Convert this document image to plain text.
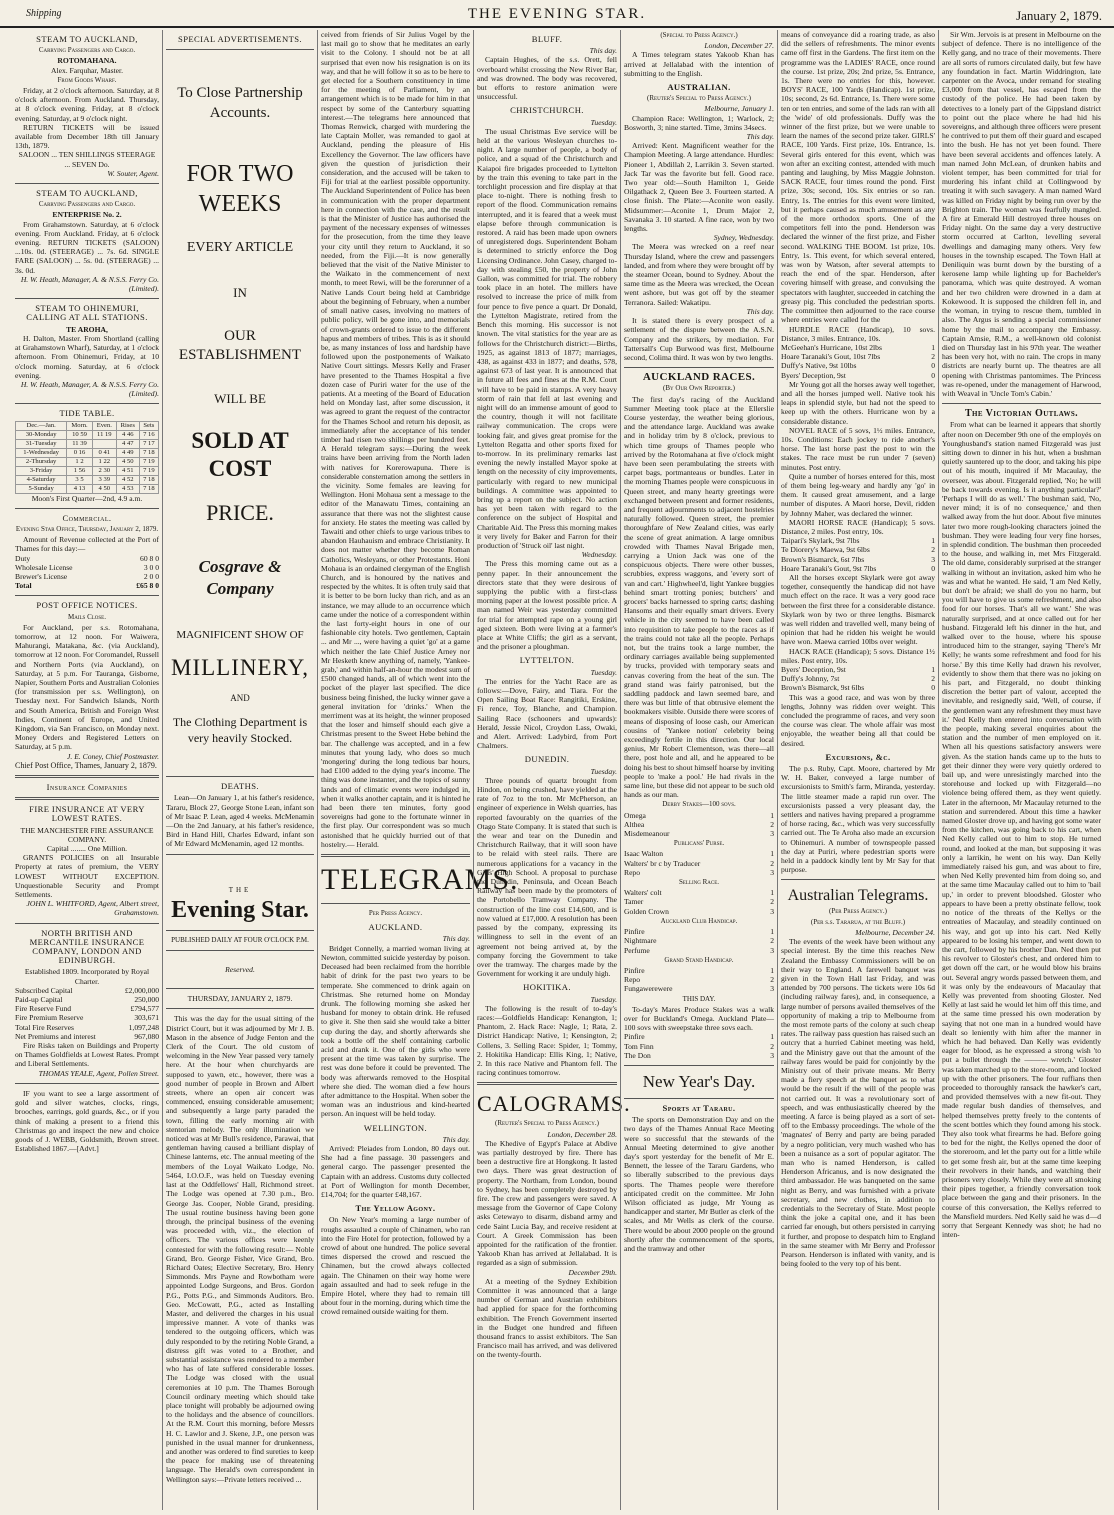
Shipping	THE EVENING STAR.	January 2, 1879.
STEAM TO AUCKLAND,
Carrying Passengers and Cargo.
ROTOMAHANA.
Alex. Farquhar, Master.
From Goods Wharf.

Friday, at 2 o'clock afternoon. Saturday, at 8 o'clock afternoon. From Auckland. Thursday, at 8 o'clock evening. Friday, at 8 o'clock evening. Saturday, at 9 o'clock night.

RETURN TICKETS will be issued available from December 18th till January 13th, 1879.

SALOON ... TEN SHILLINGS STEERAGE ... SEVEN Do.
W. Souter, Agent.
STEAM TO AUCKLAND,
Carrying Passengers and Cargo.
ENTERPRISE No. 2.

From Grahamstown. Saturday, at 6 o'clock evening. From Auckland. Friday, at 6 o'clock evening. RETURN TICKETS (SALOON) ...10s. 0d. (STEERAGE) ... 7s. 6d. SINGLE FARE (SALOON) ... 5s. 0d. (STEERAGE) ... 3s. 0d.

H. W. Heath, Manager, A. & N.S.S. Ferry Co. (Limited).
STEAM TO OHINEMURI, CALLING AT ALL STATIONS.
TE AROHA,

H. Dalton, Master. From Shortland (calling at Grahamstown Wharf), Saturday, at 1 o'clock afternoon. From Ohinemuri, Friday, at 10 o'clock morning. Saturday, at 6 o'clock evening.

H. W. Heath, Manager, A. & N.S.S. Ferry Co. (Limited).
TIDE TABLE.
Dec.—Jan.	Morn.	Even.	Rises	Sets
30-Monday	10 59	11 19	4 46	7 16
31-Tuesday	11 39		4 47	7 17
1-Wednesday	0 16	0 41	4 49	7 18
2-Thursday	1 2	1 22	4 50	7 19
3-Friday	1 56	2 30	4 51	7 19
4-Saturday	3 5	3 39	4 52	7 18
5-Sunday	4 13	4 50	4 53	7 18
Moon's First Quarter—2nd, 4.9 a.m.
Commercial.
Evening Star Office, Thursday, January 2, 1879.

Amount of Revenue collected at the Port of Thames for this day:—

Duty	60 8 0
Wholesale License	3 0 0
Brewer's License	2 0 0
Total	£65 8 0
POST OFFICE NOTICES.
Mails Close.

For Auckland, per s.s. Rotomahana, tomorrow, at 12 noon. For Waiwera, Mahurangi, Matakana, &c. (via Auckland), tomorrow at 12 noon. For Coromandel, Russell and Northern Ports (via Auckland), on Saturday, at 5 p.m. For Tauranga, Gisborne, Napier, Southern Ports and Australian Colonies (for transmission per s.s. Wellington), on Tuesday next. For Sandwich Islands, North and South America, British and Foreign West Indies, Continent of Europe, and United Kingdom, via San Francisco, on Monday next. Money Orders and Registered Letters on Saturday, at 5 p.m.

J. E. Coney, Chief Postmaster.
Chief Post Office, Thames, January 2, 1879.
Insurance Companies
FIRE INSURANCE AT VERY LOWEST RATES.
THE MANCHESTER FIRE ASSURANCE COMPANY.
Capital ........ One Million.

GRANTS POLICIES on all Insurable Property at rates of premium, the VERY LOWEST WITHOUT EXCEPTION. Unquestionable Security and Prompt Settlements.

JOHN L. WHITFORD, Agent, Albert street, Grahamstown.
NORTH BRITISH AND MERCANTILE INSURANCE COMPANY, LONDON AND EDINBURGH.
Established 1809. Incorporated by Royal Charter.
Subscribed Capital	£2,000,000
Paid-up Capital	250,000
Fire Reserve Fund	£794,577
Fire Premium Reserve	303,671
Total Fire Reserves	1,097,248
Net Premiums and interest	967,080

Fire Risks taken on Buildings and Property on Thames Goldfields at Lowest Rates. Prompt and Liberal Settlements.

THOMAS YEALE, Agent, Pollen Street.

IF you want to see a large assortment of gold and silver watches, clocks, rings, brooches, earrings, gold guards, &c., or if you think of making a present to a friend this Christmas go and inspect the new and choice goods of J. WEBB, Goldsmith, Brown street. Established 1867.—[Advt.]

SPECIAL ADVERTISEMENTS.
To Close Partnership
Accounts.
FOR TWO WEEKS
EVERY ARTICLE
IN
OUR ESTABLISHMENT
WILL BE
SOLD AT COST
PRICE.
Cosgrave & Company
MAGNIFICENT SHOW OF
MILLINERY,
AND
The Clothing Department is very heavily Stocked.
DEATHS.

Lean—On January 1, at his father's residence, Tararu, Block 27, George Stone Lean, infant son of Mr Isaac P. Lean, aged 4 weeks. McMenamin—On the 2nd January, at his father's residence, Bird in Hand Hill, Charles Edward, infant son of Mr Edward McMenamin, aged 12 months.

THE
Evening Star.
PUBLISHED DAILY AT FOUR O'CLOCK P.M.
Reserved.
THURSDAY, JANUARY 2, 1879.

This was the day for the usual sitting of the District Court, but it was adjourned by Mr J. B. Mason in the absence of Judge Fenton and the Clerk of the Court. The old custom of welcoming in the New Year passed very tamely here. At the hour when churchyards are supposed to yawn, etc., however, there was a good number of people in Brown and Albert streets, where an open air concert was commenced, ensuing considerable amusement; and subsequently a large party paraded the town, filling the early morning air with stentorian melody. The only illumination we noticed was at Mr Bull's residence, Parawai, that gentleman having caused a brilliant display of Chinese lanterns, etc. The annual meeting of the members of the Loyal Waikato Lodge, No. 5464, I.O.O.F., was held on Tuesday evening last at the Oddfellows' Hall, Richmond street. The Lodge was opened at 7.30 p.m., Bro. George Jas. Cooper, Noble Grand, presiding. The usual routine business having been gone through, the principal business of the evening was proceeded with, viz., the election of officers. The various offices were keenly contested for with the following result:— Noble Grand, Bro. George Fisher, Vice Grand, Bro. Richard Oates; Elective Secretary, Bro. Henry Simmonds. Mrs Payne and Rowbotham were appointed Lodge Surgeons, and Bros. Gordon P.G., Potts P.G., and Simmonds Auditors. Bro. Geo. McCowatt, P.G., acted as Installing Master, and delivered the charges in his usual impressive manner. A vote of thanks was tendered to the outgoing officers, which was duly responded to by the retiring Noble Grand, a distress gift was voted to a Brother, and substantial assistance was rendered to a member who has of late suffered considerable losses. The Lodge was closed with the usual ceremonies at 10 p.m. The Thames Borough Council ordinary meeting which should take place tonight will probably be adjourned owing to the holidays and the absence of councillors. At the R.M. Court this morning, before Messrs H. C. Lawlor and J. Skene, J.P., one person was punished in the usual manner for drunkenness, and another was ordered to find sureties to keep the peace for making use of threatening language. The Herald's own correspondent in Wellington says:—Private letters received ...

ceived from friends of Sir Julius Vogel by the last mail go to show that he meditates an early visit to the Colony. I should not be at all surprised that even now his resignation is on its way, and that he will follow it so as to be here to get elected for a Southern constituency in time for the meeting of Parliament, by an arrangement which is to be made for him in that respect by some of the Canterbury squatting interest.—The telegrams here announced that Thomas Renwick, charged with murdering the late Captain Moller, was remanded to gaol at Auckland, pending the pleasure of His Excellency the Governor. The law officers have given the question of jurisdiction their consideration, and the accused will be taken to Fiji for trial at the earliest possible opportunity. The Auckland Superintendent of Police has been in communication with the proper department here in connection with the case, and the result is that the Minister of Justice has authorised the payment of the necessary expenses of witnesses for the prosecution, from the time they leave your city until they return to Auckland, it so needed, from the Fiji.—It is now generally believed that the visit of the Native Minister to the Waikato in the commencement of next month, to meet Rewi, will be the forerunner of a Native Lands Court being held at Cambridge about the beginning of February, when a number of small native cases, involving no matters of public policy, will be gone into, and memorials of crown-grants ordered to issue to the different hapus and members of tribes. This is as it should be, as many instances of loss and hardship have followed upon the postponements of Waikato Native Court sittings. Messrs Kelly and Fraser have presented to the Thames Hospital a five dozen case of Puriri water for the use of the patients. At a meeting of the Board of Education held on Monday last, after some discussion, it was agreed to grant the request of the contractor for the Thames School and return his deposit, as immediately after the acceptance of his tender timber had risen two shillings per hundred feet. A Herald telegram says:—During the week trains have been arriving from the North laden with natives for Korerowapuna. There is considerable consternation among the settlers in the vicinity. Some females are leaving for Wellington. Honi Mohaua sent a message to the editor of the Manawatu Times, containing an assurance that there was not the slightest cause for anxiety. He states the meeting was called by Tawaiti and other chiefs to urge various tribes to abandon Hauhauism and embrace Christianity. It does not matter whether they become Roman Catholics, Wesleyans, or other Protestants. Honi Mohaua is an ordained clergyman of the English Church, and is honoured by the natives and respected by the whites. It is often truly said that it is better to be born lucky than rich, and as an instance, we may allude to an occurrence which came under the notice of a correspondent within the last forty-eight hours in one of our fashionable city hotels. Two gentlemen, Captain ... and Mr ..., were having a quiet 'go' at a game which neither the late Chief Justice Arney nor Mr Hesketh knew anything of, namely, 'Yankee-grab,' and within half-an-hour the modest sum of £500 changed hands, all of which went into the pocket of the player last specified. The dice business being finished, the lucky winner gave a general invitation for 'drinks.' When the merriment was at its height, the winner proposed that the loser and himself should each give a Christmas present to the Sweet Hebe behind the bar. The challenge was accepted, and in a few minutes that young lady, who does so much 'mongering' during the long tedious bar hours, had £100 added to the dying year's income. The thing was done instanter, and the topics of sunny lands and of climatic events were indulged in, when it walks another captain, and it is hinted he had been there ten minutes, forty good sovereigns had gone to the fortunate winner in the first play. Our correspondent was so much astonished that he quickly hurried out of that hostelry.— Herald.

TELEGRAMS.
Per Press Agency.
AUCKLAND.
This day.

Bridget Connelly, a married woman living at Newton, committed suicide yesterday by poison. Deceased had been reclaimed from the horrible habit of drink for the past two years to be temperate. She commenced to drink again on Christmas. She returned home on Monday drunk. The following morning she asked her husband for money to obtain drink. He refused to give it. She then said she would take a bitter cup during the day, and shortly afterwards she took a bottle off the shelf containing carbolic acid and drank it. One of the girls who were present at the time was taken by surprise. The rest was done before it could be prevented. The body was afterwards removed to the Hospital where she died. The woman died a few hours after admittance to the Hospital. When sober the woman was an industrious and kind-hearted person. An inquest will be held today.

WELLINGTON.
This day.

Arrived: Pleiades from London, 80 days out. She had a fine passage. 30 passengers and general cargo. The passenger presented the Captain with an address. Customs duty collected at Port of Wellington for month December, £14,704; for the quarter £48,167.

The Yellow Agony.

On New Year's morning a large number of roughs assaulted a couple of Chinamen, who ran into the Fire Hotel for protection, followed by a crowd of about one hundred. The police several times dispersed the crowd and rescued the Chinamen, but the crowd always collected again. The Chinamen on their way home were again assaulted and had to seek refuge in the Empire Hotel, where they had to remain till about four in the morning, during which time the crowd remained outside waiting for them.

BLUFF.
This day.

Captain Hughes, of the s.s. Orett, fell overboard whilst crossing the New River Bar, and was drowned. The body was recovered, but efforts to restore animation were unsuccessful.

CHRISTCHURCH.
Tuesday.

The usual Christmas Eve service will be held at the various Wesleyan churches to-night. A large number of people, a body of police, and a squad of the Christchurch and Kaiapoi fire brigades proceeded to Lyttelton by the train this evening to take part in the torchlight procession and fire display at that place to-night. There is nothing fresh to report of the flood. Communication remains interrupted, and it is feared that a week must elapse before through communication is restored. A raid has been made upon owners of unregistered dogs. Superintendent Boham is determined to strictly enforce the Dog Licensing Ordinance. John Casey, charged to-day with stealing £50, the property of John Gallon, was committed for trial. The robbery took place in an hotel. The millers have resolved to increase the price of milk from four pence to five pence a quart. Dr Donald, the Lyttelton Magistrate, retired from the Bench this morning. His successor is not known. The vital statistics for the year are as follows for the Christchurch district:—Births, 1925, as against 1813 of 1877; marriages, 438, as against 433 in 1877; and deaths, 578, against 673 of last year. It is announced that in future all fees and fines at the R.M. Court will have to be paid in stamps. A very heavy storm of rain that fell at last evening and night will do an immense amount of good to the country, though it will not facilitate railway communication. The crops were looking fair, and gives great promise for the Lyttelton Regatta and other sports fixed for to-morrow. In its preliminary remarks last evening the newly installed Mayor spoke at length on the necessity of city improvements, particularly with regard to new municipal buildings. A committee was appointed to bring up a report on the subject. No action has yet been taken with regard to the conference on the subject of Hospital and Charitable Aid. The Press this morning makes it very lively for Baker and Farron for their production of 'Struck oil' last night.

Wednesday.

The Press this morning came out as a penny paper. In their announcement the directors state that they were desirous of supplying the public with a first-class morning paper at the lowest possible price. A man named Weir was yesterday committed for trial for attempted rape on a young girl aged sixteen. Both were living at a farmer's place at White Cliffs; the girl as a servant, and the prisoner a ploughman.

LYTTELTON.
Tuesday.

The entries for the Yacht Race are as follows:—Dove, Fairy, and Tiara. For the Open Sailing Boat Race: Rangitiki, Erskine, Fi rence, Toy, Blanche, and Champion. Sailing Race (schooners and upwards): Herald, Jessie Nicol, Croydon Lass, Owaki, and Alert. Arrived: Ladybird, from Port Chalmers.

DUNEDIN.
Tuesday.

Three pounds of quartz brought from Hindon, on being crushed, have yielded at the rate of 7oz to the ton. Mr McPherson, an engineer of experience in Welsh quarries, has reported favourably on the quarries of the Otago State Company. It is stated that such is the wear and tear on the Dunedin and Christchurch Railway, that it will soon have to be relaid with steel rails. There are numerous applications for a vacancy in the Girls' High School. A proposal to purchase the Dunedin, Peninsula, and Ocean Beach Railway has been made by the promoters of the Portobello Tramway Company. The construction of the line cost £14,600, and is now valued at £17,000. A resolution has been passed by the company, expressing its willingness to sell in the event of an agreement not being arrived at, by the company forcing the Government to take over the tramway. The charges made by the Government for working it are unduly high.

HOKITIKA.
Tuesday.

The following is the result of to-day's races:—Goldfields Handicap: Kenangton, 1; Phantom, 2. Hack Race: Nagle, 1; Rata, 2. District Handicap: Native, 1; Kensington, 2; Collens, 3. Selling Race: Spider, 1; Tommy, 2. Hokitika Handicap: Ellis King, 1; Native, 2. In this race Native and Phantom fell. The racing continues tomorrow.

CALOGRAMS.
(Reuter's Special to Press Agency.)
London, December 28.

The Khedive of Egypt's Palace at Abdive was partially destroyed by fire. There has been a destructive fire at Hongkong. It lasted two days. There was great destruction of property. The Northam, from London, bound to Sydney, has been completely destroyed by fire. The crew and passengers were saved. A message from the Governor of Cape Colony asks Cetewayo to disarm, disband army and cede Saint Lucia Bay, and receive resident at Court. A Greek Commission has been appointed for the ratification of the frontier. Yakoob Khan has arrived at Jellalabad. It is regarded as a sign of submission.

December 29th.

At a meeting of the Sydney Exhibition Committee it was announced that a large number of German and Austrian exhibitors had applied for space for the forthcoming exhibition. The French Government inserted in the Budget one hundred and fifteen thousand francs to assist exhibitors. The San Francisco mail has arrived, and was delivered on the twenty-fourth.

(Special to Press Agency.)
London, December 27.

A Times telegram states Yakoob Khan has arrived at Jellalabad with the intention of submitting to the English.

AUSTRALIAN.
(Reuter's Special to Press Agency.)
Melbourne, January 1.

Champion Race: Wellington, 1; Warlock, 2; Bosworth, 3; nine started. Time, 3mins 34secs.

This day.

Arrived: Kent. Magnificent weather for the Champion Meeting. A large attendance. Hurdles: Pioneer 1, Abdillah 2, Larrikin 3. Seven started. Jack Tar was the favorite but fell. Good race. Two year old:—South Hamilton 1, Geide Oilgathack 2, Queen Bee 3. Fourteen started. A close finish. The Plate:—Aconite won easily. Midsummer:—Aconite 1, Drum Major 2, Savanaka 3. 10 started. A fine race, won by two lengths.

Sydney, Wednesday.

The Meera was wrecked on a reef near Thursday Island, where the crew and passengers landed, and from where they were brought off by the steamer Ocean, bound to Sydney. About the same time as the Meera was wrecked, the Ocean went ashore, but was got off by the steamer Terranora. Sailed: Wakatipu.

This day.

It is stated there is every prospect of a settlement of the dispute between the A.S.N. Company and the strikers, by mediation. For Tattersall's Cup Burwood was first, Melbourne second, Colima third. It was won by two lengths.

AUCKLAND RACES.
(By Our Own Reporter.)

The first day's racing of the Auckland Summer Meeting took place at the Ellerslie Course yesterday, the weather being glorious, and the attendance large. Auckland was awake and in holiday trim by 8 o'clock, previous to which time groups of Thames people who arrived by the Rotomahana at five o'clock might have been seen perambulating the streets with carpet bags, portmanteaus or bundles. Later in the morning Thames people were conspicuous in Queen street, and many hearty greetings were exchanged between present and former residents, and frequent adjournments to adjacent hostelries naturally followed. Queen street, the premier thoroughfare of New Zealand cities, was early the scene of great animation. A large omnibus crowded with Thames Naval Brigade men, carrying a Union Jack was one of the conspicuous objects. There were other busses, scrubbies, express waggons, and 'every sort of van and cart.' Highwheel'd, light Yankee buggies behind smart trotting ponies; butchers' and grocers' backs harnessed to spring carts; dashing Hansoms and their equally smart drivers. Every vehicle in the city seemed to have been called into requisition to take people to the races as if the trains could not take all the people. Perhaps not, but the trains took a large number, the ordinary carriages available being supplemented by trucks, provided with temporary seats and canvas covering from the heat of the sun. The grand stand was fairly patronised, but the saddling paddock and lawn seemed bare, and there was but little of that obtrusive element the bookmakers visible. Outside there were scores of means of disposing of loose cash, our American cousins of 'Yankee notion' celebrity being exceedingly fertile in this direction. Our local genius, Mr Robert Clementson, was there—all there, post hole and all, and he appeared to be doing his best to shout himself hoarse by inviting people to 'make a pool.' He had rivals in the same line, but these did not appear to be such old hands as our man.

Derby Stakes—100 sovs.
Omega	1
Althea	2
Misdemeanour	3
Publicans' Purse.
Isaac Walton	1
Walters' br c by Traducer	2
Repo	3
Selling Race.
Walters' colt	1
Tamer	2
Golden Crown	3
Auckland Club Handicap.
Pinfire	1
Nightmare	2
Perfume	3
Grand Stand Handicap.
Pinfire	1
Repo	2
Fungawerewere	3
THIS DAY.

To-day's Mares Produce Stakes was a walk over for Buckland's Omega. Auckland Plate—100 sovs with sweepstake three sovs each.

Pinfire	1
Tom Finn	2
The Don	3
New Year's Day.
Sports at Tararu.

The sports on Demonstration Day and on the two days of the Thames Annual Race Meeting were so successful that the stewards of the Annual Meeting determined to give another day's sport yesterday for the benefit of Mr E. Bennett, the lessee of the Tararu Gardens, who so liberally subscribed to the previous days sports. The Thames people were therefore anticipated credit on the committee. Mr John Wilson officiated as judge, Mr Young as handicapper and starter, Mr Butler as clerk of the scales, and Mr Wells as clerk of the course. There would be about 2000 people on the ground shortly after the commencement of the sports, and the tramway and other

means of conveyance did a roaring trade, as also did the sellers of refreshments. The minor events came off first in the Gardens. The first item on the programme was the LADIES' RACE, once round the course. 1st prize, 20s; 2nd prize, 5s. Entrance, 1s. There were no entries for this, however. BOYS' RACE, 100 Yards (Handicap). 1st prize, 10s; second, 2s 6d. Entrance, 1s. There were some ten or ten entries, and some of the lads ran with all the 'wide' of old professionals. Duffy was the winner of the first prize, but we were unable to learn the names of the second prize taker. GIRLS' RACE, 100 Yards. First prize, 10s. Entrance, 1s. Several girls entered for this event, which was won after an exciting contest, attended with much panting and laughing, by Miss Maggie Johnston. SACK RACE, four times round the pond. First prize, 30s; second, 10s. Six entries or so ran. Entry, 1s. The entries for this event were limited, but it perhaps caused as much amusement as any of the more orthodox sports. One of the competitors fell into the pond. Henderson was declared the winner of the first prize, and Fisher second. WALKING THE BOOM. 1st prize, 10s. Entry, 1s. This event, for which several entered, was won by Watson, after several attempts to reach the end of the spar. Henderson, after covering himself with grease, and convulsing the spectators with laughter, succeeded in catching the greasy pig. This concluded the pedestrian sports. The committee then adjourned to the race course where entries were called for the

HURDLE RACE (Handicap), 10 sovs. Distance, 3 miles. Entrance, 10s.

McGeehan's Hurricane, 10st 2lbs	1
Hoare Taranaki's Gout, 10st 7lbs	2
Duffy's Native, 9st 10lbs	0
Byers' Deception, 9st	0

Mr Young got all the horses away well together, and all the horses jumped well. Native took his leaps in splendid style, but had not the speed to keep up with the others. Hurricane won by a considerable distance.

NOVEL RACE of 5 sovs, 1½ miles. Entrance, 10s. Conditions: Each jockey to ride another's horse. The last horse past the post to win the stakes. The race must be run under 7 (seven) minutes. Post entry.

Quite a number of horses entered for this, most of them being leg-weary and hardly any 'go' in them. It caused great amusement, and a large number of disputes. A Maori horse, Devil, ridden by Johnny Maher, was declared the winner.

MAORI HORSE RACE (Handicap); 5 sovs. Distance, 2 miles. Post entry, 10s.

Taipari's Skylark, 9st 7lbs	1
Te Diorery's Maewa, 9st 6lbs	2
Brown's Bismarck, 6st 7lbs	3
Hoare Taranaki's Gout, 9st 7lbs	0

All the horses except Skylark were got away together, consequently the handicap did not have much effect on the race. It was a very good race between the first three for a considerable distance. Skylark won by two or three lengths. Bismarck was well ridden and travelled well, many being of opinion that had he ridden his weight he would have won. Maewa carried 10lbs over weight.

HACK RACE (Handicap); 5 sovs. Distance 1½ miles. Post entry, 10s.

Byers' Deception, 9st	1
Duffy's Johnny, 7st	2
Brown's Bismarck, 9st 6lbs	0

This was a good race, and was won by three lengths, Johnny was ridden over weight. This concluded the programme of races, and very soon the course was clear. The whole affair was most enjoyable, the weather being all that could be desired.

Excursions, &c.

The p.s. Ruby, Capt. Moore, chartered by Mr W. H. Baker, conveyed a large number of excursionists to Smith's farm, Miranda, yesterday. The little steamer made a rapid run over. The excursionists passed a very pleasant day, the settlers and natives having prepared a programme of horse racing, &c., which was very successfully carried out. The Te Aroha also made an excursion to Ohinemuri. A number of townspeople passed the day at Puriri, where pedestrian sports were held in a paddock kindly lent by Mr Say for that purpose.

Australian Telegrams.
(Per Press Agency.)
(Per s.s. Tararua, at the Bluff.)
Melbourne, December 24.

The events of the week have been without any special interest. By the time this reaches New Zealand the Embassy Commissioners will be on their way to England. A farewell banquet was given in the Town Hall last Friday, and was attended by 700 persons. The tickets were 10s 6d (including railway fares), and, in consequence, a large number of persons availed themselves of the opportunity of making a trip to Melbourne from the most remote parts of the colony at such cheap rates. The railway pass question has raised such an outcry that a hurried Cabinet meeting was held, and the Ministry gave out that the amount of the railway fares would be paid for conjointly by the Ministry out of their private means. Mr Berry made a fiery speech at the banquet as to what would be the result if the will of the people was not carried out. It was a revolutionary sort of speech, and was enthusiastically cheered by the meeting. A farce is being played as a sort of set-off to the Embassy proceedings. The whole of the 'magnates' of Berry and party are being paraded by a negro politician, very much washed who has been a nuisance as a sort of popular agitator. The man who is named Henderson, is called Henderson Africanus, and is now designated the third ambassador. He was banqueted on the same night as Berry, and was furnished with a private secretary, and new clothes, in addition to credentials to the Secretary of State. Most people think the joke a capital one, and it has been carried far enough, but others persisted in carrying it further, and propose to despatch him to England in the same steamer with Mr Berry and Professor Pearson. Henderson is inflated with vanity, and is being fooled to the very top of his bent.

Sir Wm. Jervois is at present in Melbourne on the subject of defence. There is no intelligence of the Kelly gang, and no trace of their movements. There are all sorts of rumors circulated daily, but few have any foundation in fact. Martin Widdrington, late carpenter on the Avoca, under remand for stealing £3,000 from that vessel, has escaped from the custody of the police. He had been taken by detectives to a lonely part of the Gippsland district to point out the place where he had hid his sovereigns, and although three officers were present he contrived to put them off their guard and escaped into the bush. He has not yet been found. There have been several accidents and offences lately. A man named John McLean, of drunken habits and violent temper, has been committed for trial for murdering his infant child at Collingwood by treating it with such savagery. A man named Ward was killed on Friday night by being run over by the Brighton train. The woman was fearfully mangled. A fire at Emerald Hill destroyed three houses on Friday night. On the same day a very destructive storm occurred at Carlton, levelling several dwellings and damaging many others. Very few houses in the township escaped. The Town Hall at Deniliquin was burnt down by the bursting of a kerosene lamp while lighting up for Bachelder's panorama, which was quite destroyed. A woman and her two children were drowned in a dam at Kokewood. It is supposed the children fell in, and the woman, in trying to rescue them, tumbled in also. The Argus is sending a special commissioner home by the mail to accompany the Embassy. Captain Amsie, R.M., a well-known old colonist died on Thursday last in his 97th year. The weather has been very hot, with no rain. The crops in many districts are nearly burnt up. The theatres are all opening with Christmas pantomimes. The Princess was re-opened, under the management of Harwood, with Weaval in 'Uncle Tom's Cabin.'

The Victorian Outlaws.

From what can be learned it appears that shortly after noon on December 9th one of the employés on Younghusband's station named Fitzgerald was just sitting down to dinner in his hut, when a bushman quietly sauntered up to the door, and taking his pipe out of his mouth, inquired if Mr Macaulay, the overseer, was about. Fitzgerald replied, 'No; he will be back towards evening. Is it anything particular?' 'Perhaps I will do as well.' The bushman said, 'No, never mind; it is of no consequence,' and then walked away from the hut door. About five minutes later two more rough-looking characters joined the bushman. They were leading four very fine horses, in splendid condition. The bushman then proceeded to the house, and walking in, met Mrs Fitzgerald. The old dame, considerably surprised at the stranger walking in without an invitation, asked him who he was and what he wanted. He said, 'I am Ned Kelly, but don't be afraid; we shall do you no harm, but you will have to give us some refreshment, and also food for our horses. That's all we want.' She was naturally surprised, and at once called out for her husband. Fitzgerald left his dinner in the hut, and walked over to the house, where his spouse introduced him to the stranger, saying 'There's Mr Kelly; he wants some refreshment and food for his horse.' By this time Kelly had drawn his revolver, evidently to show them that there was no joking on his part, and Fitzgerald, no doubt thinking discretion the better part of valour, accepted the inevitable, and resignedly said, 'Well, of course, if the gentlemen want any refreshment they must have it.' Ned Kelly then entered into conversation with the people, making several enquiries about the station and the number of men employed on it. When all his questions satisfactory answers were given. As the station hands came up to the huts to get their dinner they were very quietly ordered to bail up, and were unresistingly marched into the storehouse and locked up with Fitzgerald—no violence being offered them, as they went quietly. Later in the afternoon, Mr Macaulay returned to the station and surrendered. About this time a hawker named Gloster drove up, and having got some water from the kitchen, was going back to his cart, when Ned Kelly called out to him to stop. He turned round, and looked at the man, but supposing it was only a larrikin, he went on his way. Dan Kelly immediately raised his gun, and was about to fire, when Ned Kelly prevented him from doing so, and at the same time Macaulay called out to him to 'bail up,' in order to prevent bloodshed. Gloster who appears to have been a pretty obstinate fellow, took no notice of the threats of the Kellys or the entreaties of Macaulay, and steadily continued on his way, and got up into his cart. Ned Kelly appeared to be losing his temper, and went down to the cart, followed by his brother Dan. Ned then put his revolver to Gloster's chest, and ordered him to get down off the cart, or he would blow his brains out. Several angry words passed between them, and it was only by the endeavours of Macaulay that Kelly was prevented from shooting Gloster. Ned Kelly at last said he would let him off this time, and at the same time pressed his own moderation by saying that not one man in a hundred would have dealt so leniently with him after the manner in which he had behaved. Dan Kelly was evidently eager for blood, as he expressed a strong wish 'to put a bullet through the ——— wretch.' Gloster was taken marched up to the store-room, and locked up with the other prisoners. The four ruffians then proceeded to thoroughly ransack the hawker's cart, and provided themselves with a new fit-out. They made regular bush dandies of themselves, and helped themselves pretty freely to the contents of the scent bottles which they found among his stock. They also took what firearms he had. Before going to bed for the night, the Kellys opened the door of the storeroom, and let the party out for a little while to get some fresh air, but at the same time keeping their revolvers in their hands, and watching their prisoners very closely. While they were all smoking their pipes together, a friendly conversation took place between the gang and their prisoners. In the course of this conversation, the Kellys referred to the Mansfield murders. Ned Kelly said he was d—d sorry that Sergeant Kennedy was shot; he had no inten-
